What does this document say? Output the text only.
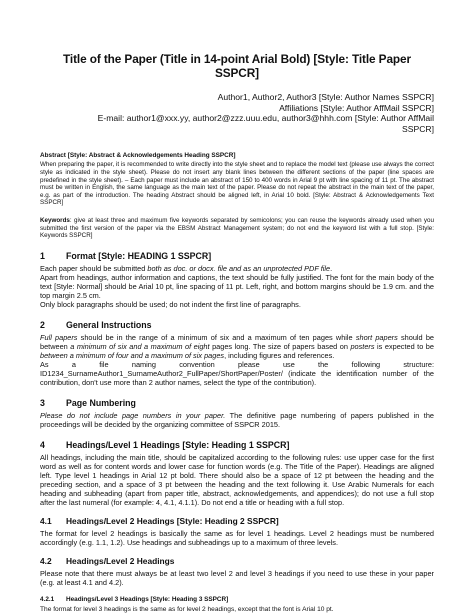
Title of the Paper (Title in 14-point Arial Bold) [Style: Title Paper SSPCR]
Author1, Author2, Author3 [Style: Author Names SSPCR]
Affiliations [Style: Author AffMail SSPCR]
E-mail: author1@xxx.yy, author2@zzz.uuu.edu, author3@hhh.com [Style: Author AffMail
SSPCR]
Abstract [Style: Abstract & Acknowledgements Heading SSPCR]

When preparing the paper, it is recommended to write directly into the style sheet and to replace the model text (please use always the correct style as indicated in the style sheet). Please do not insert any blank lines between the different sections of the paper (line spaces are predefined in the style sheet). – Each paper must include an abstract of 150 to 400 words in Arial 9 pt with line spacing of 11 pt. The abstract must be written in English, the same language as the main text of the paper. Please do not repeat the abstract in the main text of the paper, e.g. as part of the introduction. The heading Abstract should be aligned left, in Arial 10 bold. [Style: Abstract & Acknowledgements Text SSPCR]

Keywords: give at least three and maximum five keywords separated by semicolons; you can reuse the keywords already used when you submitted the first version of the paper via the EBSM Abstract Management system; do not end the keyword list with a full stop. [Style: Keywords SSPCR]

1	Format [Style: HEADING 1 SSPCR]

Each paper should be submitted both as doc. or docx. file and as an unprotected PDF file.

Apart from headings, author information and captions, the text should be fully justified. The font for the main body of the text [Style: Normal] should be Arial 10 pt, line spacing of 11 pt. Left, right, and bottom margins should be 1.9 cm. and the top margin 2.5 cm.

Only block paragraphs should be used; do not indent the first line of paragraphs.

2	General Instructions

Full papers should be in the range of a minimum of six and a maximum of ten pages while short papers should be between a minimum of six and a maximum of eight pages long. The size of papers based on posters is expected to be between a minimum of four and a maximum of six pages, including figures and references.

As a file naming convention please use the following structure:

ID1234_SurnameAuthor1_SurnameAuthor2_FullPaper/ShortPaper/Poster/ (indicate the identification number of the contribution, don't use more than 2 author names, select the type of the contribution).

3	Page Numbering

Please do not include page numbers in your paper. The definitive page numbering of papers published in the proceedings will be decided by the organizing committee of SSPCR 2015.

4	Headings/Level 1 Headings [Style: Heading 1 SSPCR]

All headings, including the main title, should be capitalized according to the following rules: use upper case for the first word as well as for content words and lower case for function words (e.g. The Title of the Paper). Headings are aligned left. Type level 1 headings in Arial 12 pt bold. There should also be a space of 12 pt between the heading and the preceding section, and a space of 3 pt between the heading and the text following it. Use Arabic Numerals for each heading and subheading (apart from paper title, abstract, acknowledgements, and appendices); do not use a full stop after the last numeral (for example: 4, 4.1, 4.1.1). Do not end a title or heading with a full stop.

4.1	Headings/Level 2 Headings [Style: Heading 2 SSPCR]

The format for level 2 headings is basically the same as for level 1 headings. Level 2 headings must be numbered accordingly (e.g. 1.1, 1.2). Use headings and subheadings up to a maximum of three levels.

4.2	Headings/Level 2 Headings

Please note that there must always be at least two level 2 and level 3 headings if you need to use these in your paper (e.g. at least 4.1 and 4.2).

4.2.1	Headings/Level 3 Headings [Style: Heading 3 SSPCR]

The format for level 3 headings is the same as for level 2 headings, except that the font is Arial 10 pt.
